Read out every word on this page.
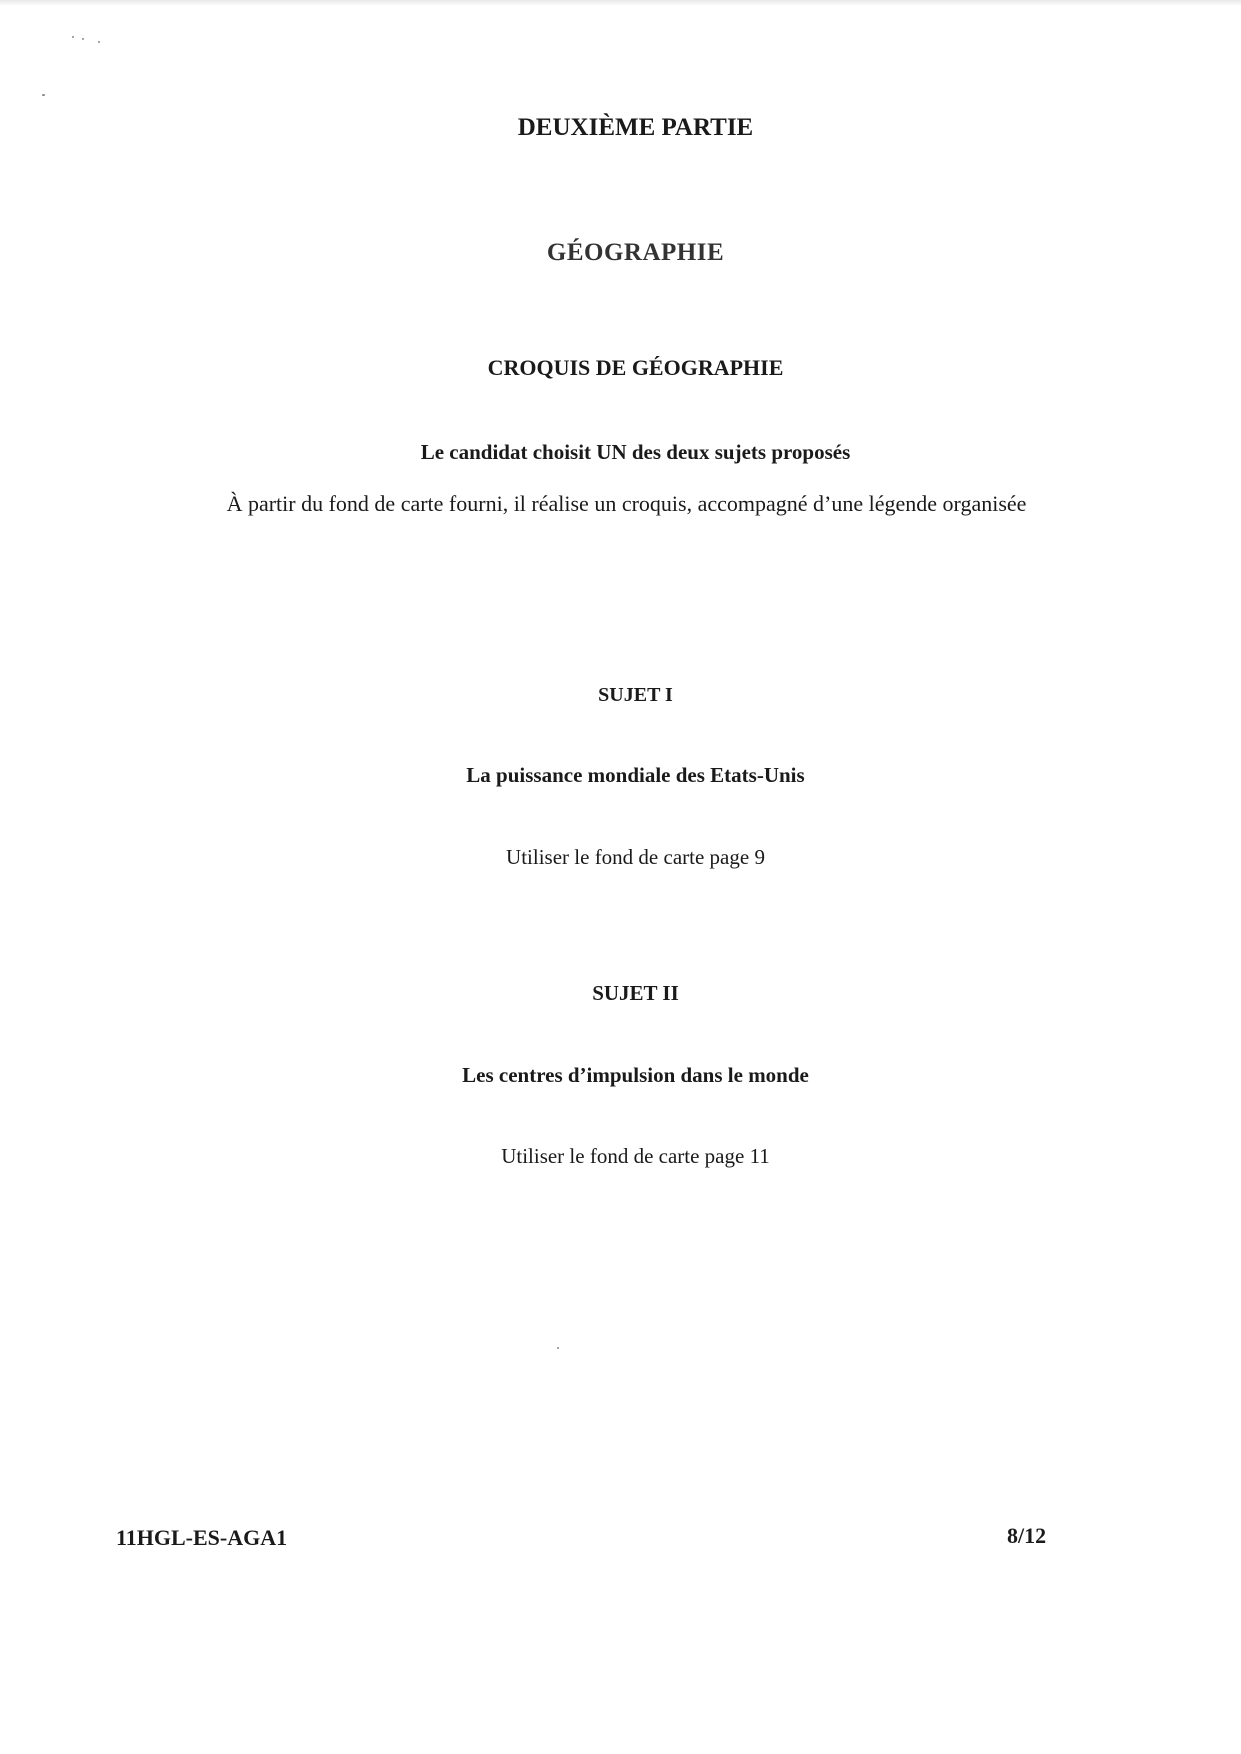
DEUXIÈME PARTIE
GÉOGRAPHIE
CROQUIS DE GÉOGRAPHIE
Le candidat choisit UN des deux sujets proposés
À partir du fond de carte fourni, il réalise un croquis, accompagné d’une légende organisée
SUJET I
La puissance mondiale des Etats-Unis
Utiliser le fond de carte page 9
SUJET II
Les centres d’impulsion dans le monde
Utiliser le fond de carte page 11
11HGL-ES-AGA1	8/12
